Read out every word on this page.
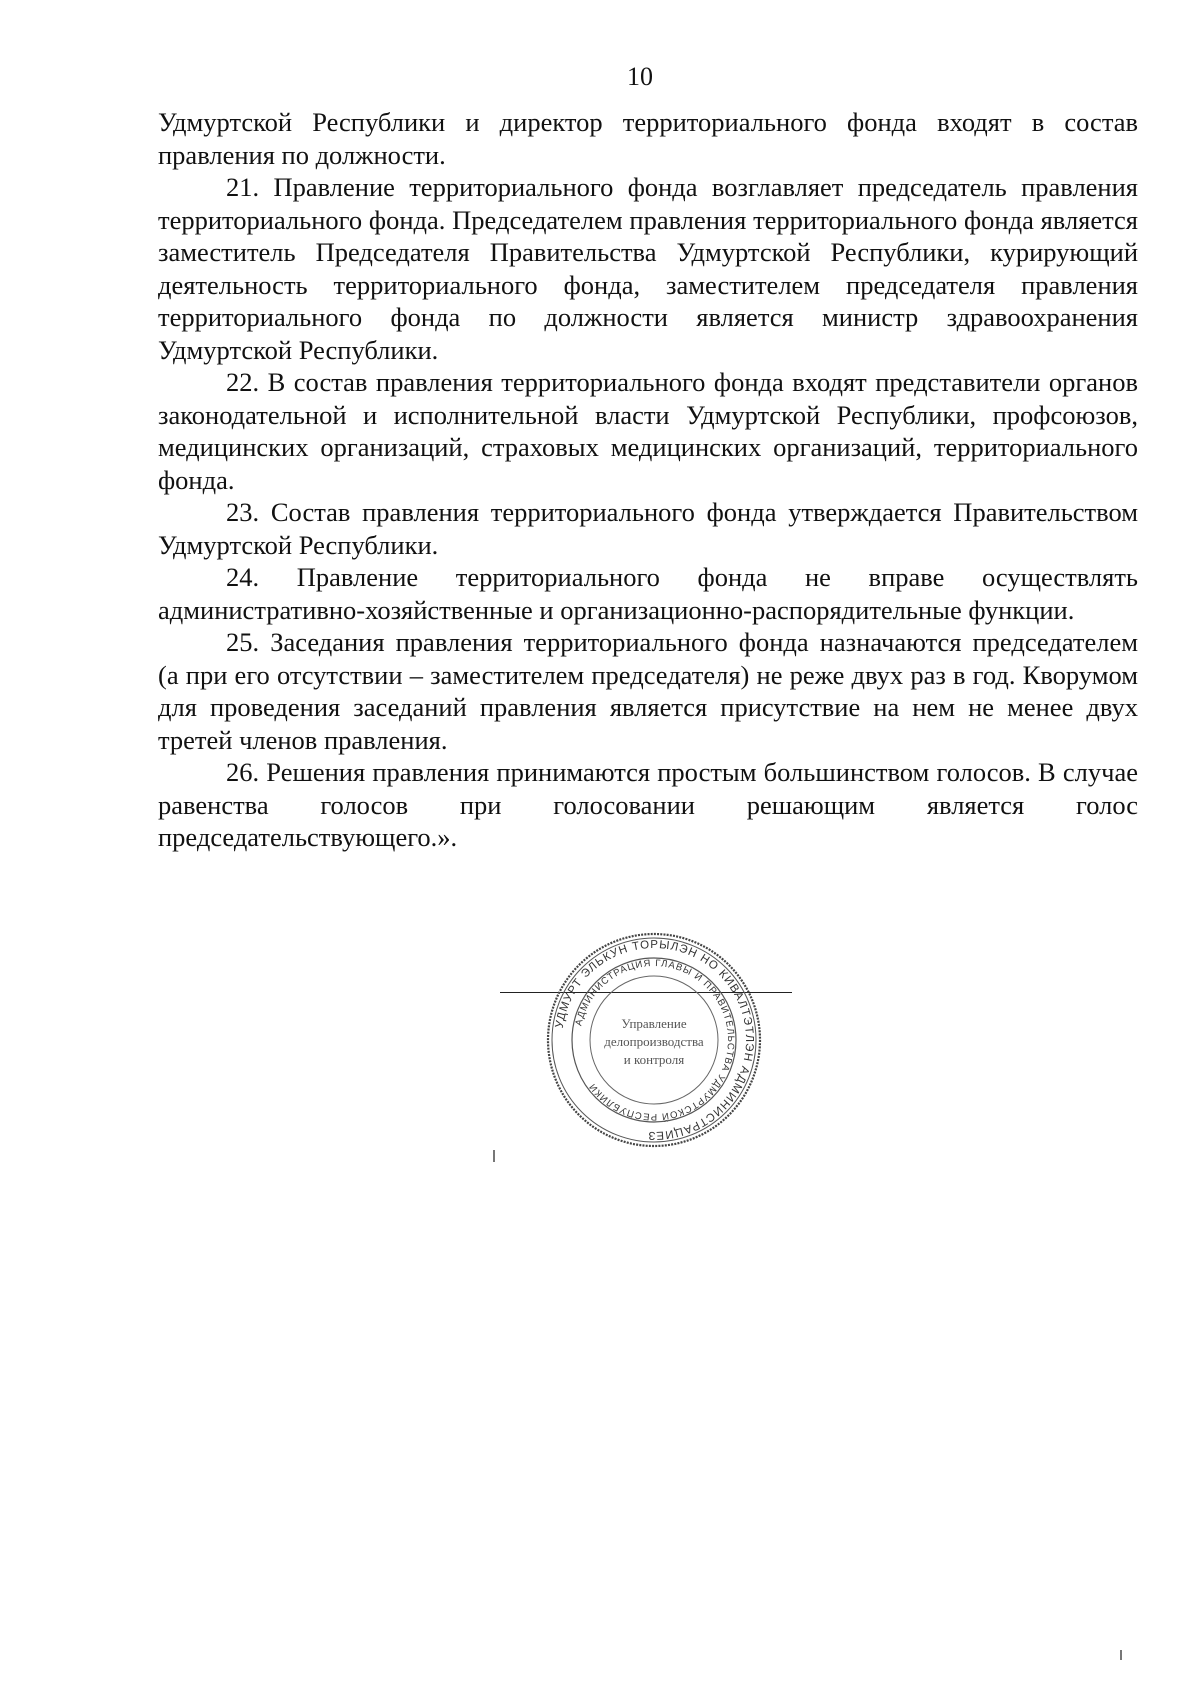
10

Удмуртской Республики и директор территориального фонда входят в состав правления по должности.

21. Правление территориального фонда возглавляет председатель правления территориального фонда. Председателем правления территориального фонда является заместитель Председателя Правительства Удмуртской Республики, курирующий деятельность территориального фонда, заместителем председателя правления территориального фонда по должности является министр здравоохранения Удмуртской Республики.

22. В состав правления территориального фонда входят представители органов законодательной и исполнительной власти Удмуртской Республики, профсоюзов, медицинских организаций, страховых медицинских организаций, территориального фонда.

23. Состав правления территориального фонда утверждается Правительством Удмуртской Республики.

24. Правление территориального фонда не вправе осуществлять административно-хозяйственные и организационно-распорядительные функции.

25. Заседания правления территориального фонда назначаются председателем (а при его отсутствии – заместителем председателя) не реже двух раз в год. Кворумом для проведения заседаний правления является присутствие на нем не менее двух третей членов правления.

26. Решения правления принимаются простым большинством голосов. В случае равенства голосов при голосовании решающим является голос председательствующего.».

УДМУРТ ЭЛЬКУН ТОРЫЛЭН НО КИВАЛТЭТЛЭН АДМИНИСТРАЦИЕЗ
АДМИНИСТРАЦИЯ ГЛАВЫ И ПРАВИТЕЛЬСТВА УДМУРТСКОЙ РЕСПУБЛИКИ
Управление
делопроизводства
и контроля
